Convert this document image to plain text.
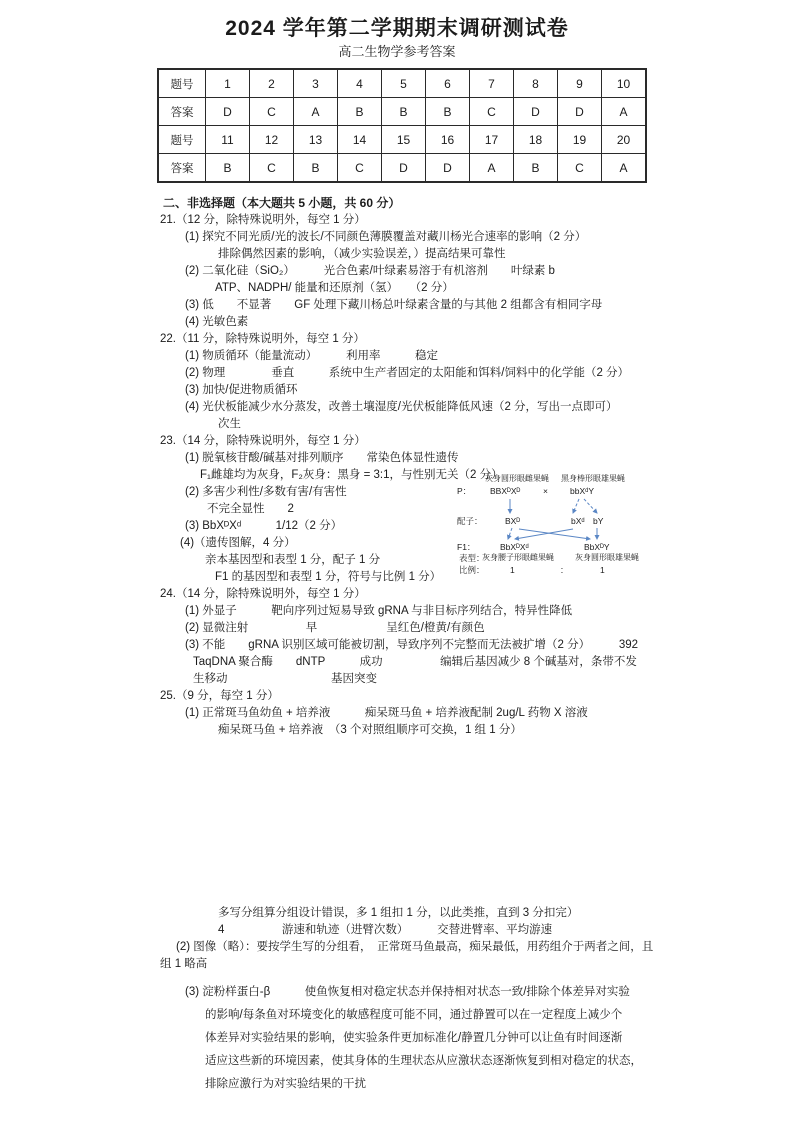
2024 学年第二学期期末调研测试卷
高二生物学参考答案
题号	1	2	3	4	5	6	7	8	9	10
答案	D	C	A	B	B	B	C	D	D	A
题号	11	12	13	14	15	16	17	18	19	20
答案	B	C	B	C	D	D	A	B	C	A
二、非选择题（本大题共 5 小题，共 60 分）
21.（12 分，除特殊说明外，每空 1 分）
(1) 探究不同光质/光的波长/不同颜色薄膜覆盖对藏川杨光合速率的影响（2 分）
排除偶然因素的影响，（减少实验误差，）提高结果可靠性
(2) 二氧化硅（SiO₂）　　　光合色素/叶绿素易溶于有机溶剂　　叶绿素 b
ATP、NADPH/ 能量和还原剂（氢）　　（2 分）
(3) 低　　不显著　　GF 处理下藏川杨总叶绿素含量的与其他 2 组都含有相同字母
(4) 光敏色素
22.（11 分，除特殊说明外，每空 1 分）
(1) 物质循环（能量流动）　　　利用率　　　稳定
(2) 物理　　　　垂直　　　系统中生产者固定的太阳能和饵料/饲料中的化学能（2 分）
(3) 加快/促进物质循环
(4) 光伏板能减少水分蒸发，改善土壤湿度/光伏板能降低风速（2 分，写出一点即可）
次生
23.（14 分，除特殊说明外，每空 1 分）
(1) 脱氧核苷酸/碱基对排列顺序　　常染色体显性遗传
F₁雌雄均为灰身，F₂灰身：黑身 = 3:1，与性别无关（2 分）
(2) 多害少利性/多数有害/有害性
不完全显性　　2
(3) BbXᴰXᵈ　　　1/12（2 分）
(4)（遗传图解，4 分）
亲本基因型和表型 1 分，配子 1 分
F1 的基因型和表型 1 分，符号与比例 1 分）
24.（14 分，除特殊说明外，每空 1 分）
(1) 外显子　　　靶向序列过短易导致 gRNA 与非目标序列结合，特异性降低
(2) 显微注射　　　　　早　　　　　　呈红色/橙黄/有颜色
(3) 不能　　gRNA 识别区域可能被切割，导致序列不完整而无法被扩增（2 分）　　　392
TaqDNA 聚合酶　　dNTP　　　成功　　　　　编辑后基因减少 8 个碱基对，条带不发
生移动　　　　　　　　　基因突变
25.（9 分，每空 1 分）
(1) 正常斑马鱼幼鱼 + 培养液　　　痴呆斑马鱼 + 培养液配制 2ug/L 药物 X 溶液
痴呆斑马鱼 + 培养液　（3 个对照组顺序可交换，1 组 1 分）
多写分组算分组设计错误，多 1 组扣 1 分，以此类推，直到 3 分扣完）
4　　　　　游速和轨迹（进臂次数）　　　交替进臂率、平均游速
(2) 图像（略）：要按学生写的分组看，　正常斑马鱼最高，痴呆最低，用药组介于两者之间，且
组 1 略高
(3) 淀粉样蛋白-β　　　使鱼恢复相对稳定状态并保持相对状态一致/排除个体差异对实验
的影响/每条鱼对环境变化的敏感程度可能不同，通过静置可以在一定程度上减少个
体差异对实验结果的影响，使实验条件更加标准化/静置几分钟可以让鱼有时间逐渐
适应这些新的环境因素，使其身体的生理状态从应激状态逐渐恢复到相对稳定的状态，
排除应激行为对实验结果的干扰
灰身圆形眼雌果蝇 黑身棒形眼雄果蝇
P： BBXᴰXᴰ	×	bbXᵈY
配子：	BXᴰ	bXᵈ bY
F1：	BbXᴰXᵈ	BbXᴰY
表型：
灰身腰子形眼雌果蝇	灰身圆形眼雄果蝇
比例：	1	：	1
